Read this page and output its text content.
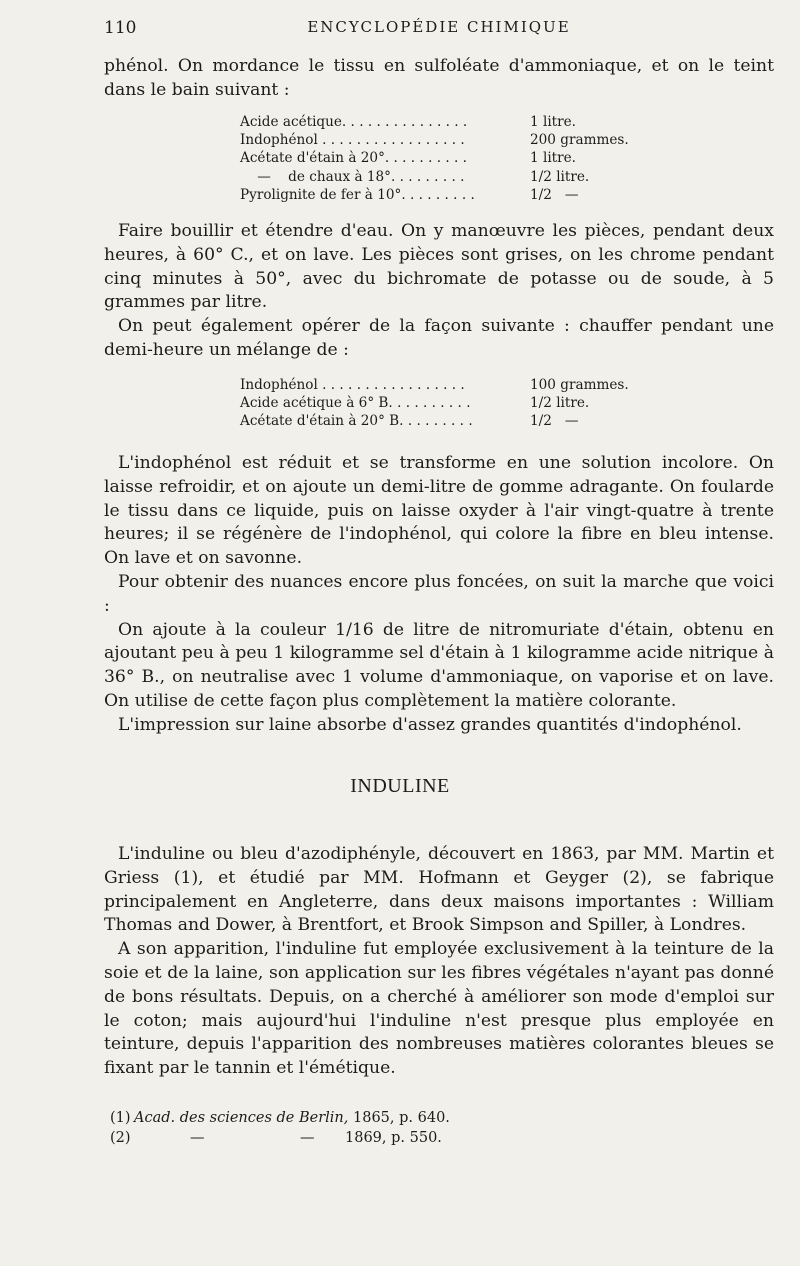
110	ENCYCLOPÉDIE CHIMIQUE

phénol. On mordance le tissu en sulfoléate d'ammoniaque, et on le teint dans le bain suivant :

Acide acétique. . . . . . . . . . . . . . .	1 litre.
Indophénol . . . . . . . . . . . . . . . . .	200 grammes.
Acétate d'étain à 20°. . . . . . . . . .	1 litre.
—    de chaux à 18°. . . . . . . . .	1/2 litre.
Pyrolignite de fer à 10°. . . . . . . . .	1/2   —

Faire bouillir et étendre d'eau. On y manœuvre les pièces, pendant deux heures, à 60° C., et on lave. Les pièces sont grises, on les chrome pendant cinq minutes à 50°, avec du bichromate de potasse ou de soude, à 5 grammes par litre.

On peut également opérer de la façon suivante : chauffer pendant une demi-heure un mélange de :

Indophénol . . . . . . . . . . . . . . . . .	100 grammes.
Acide acétique à 6° B. . . . . . . . . .	1/2 litre.
Acétate d'étain à 20° B. . . . . . . . .	1/2   —

L'indophénol est réduit et se transforme en une solution incolore. On laisse refroidir, et on ajoute un demi-litre de gomme adragante. On foularde le tissu dans ce liquide, puis on laisse oxyder à l'air vingt-quatre à trente heures; il se régénère de l'indophénol, qui colore la fibre en bleu intense. On lave et on savonne.

Pour obtenir des nuances encore plus foncées, on suit la marche que voici :

On ajoute à la couleur 1/16 de litre de nitromuriate d'étain, obtenu en ajoutant peu à peu 1 kilogramme sel d'étain à 1 kilogramme acide nitrique à 36° B., on neutralise avec 1 volume d'ammoniaque, on vaporise et on lave. On utilise de cette façon plus complètement la matière colorante.

L'impression sur laine absorbe d'assez grandes quantités d'indophénol.

INDULINE

L'induline ou bleu d'azodiphényle, découvert en 1863, par MM. Martin et Griess (1), et étudié par MM. Hofmann et Geyger (2), se fabrique principalement en Angleterre, dans deux maisons importantes : William Thomas and Dower, à Brentfort, et Brook Simpson and Spiller, à Londres.

A son apparition, l'induline fut employée exclusivement à la teinture de la soie et de la laine, son application sur les fibres végétales n'ayant pas donné de bons résultats. Depuis, on a cherché à améliorer son mode d'emploi sur le coton; mais aujourd'hui l'induline n'est presque plus employée en teinture, depuis l'apparition des nombreuses matières colorantes bleues se fixant par le tannin et l'émétique.

(1) Acad. des sciences de Berlin, 1865, p. 640.
(2)	—	— 1869, p. 550.
